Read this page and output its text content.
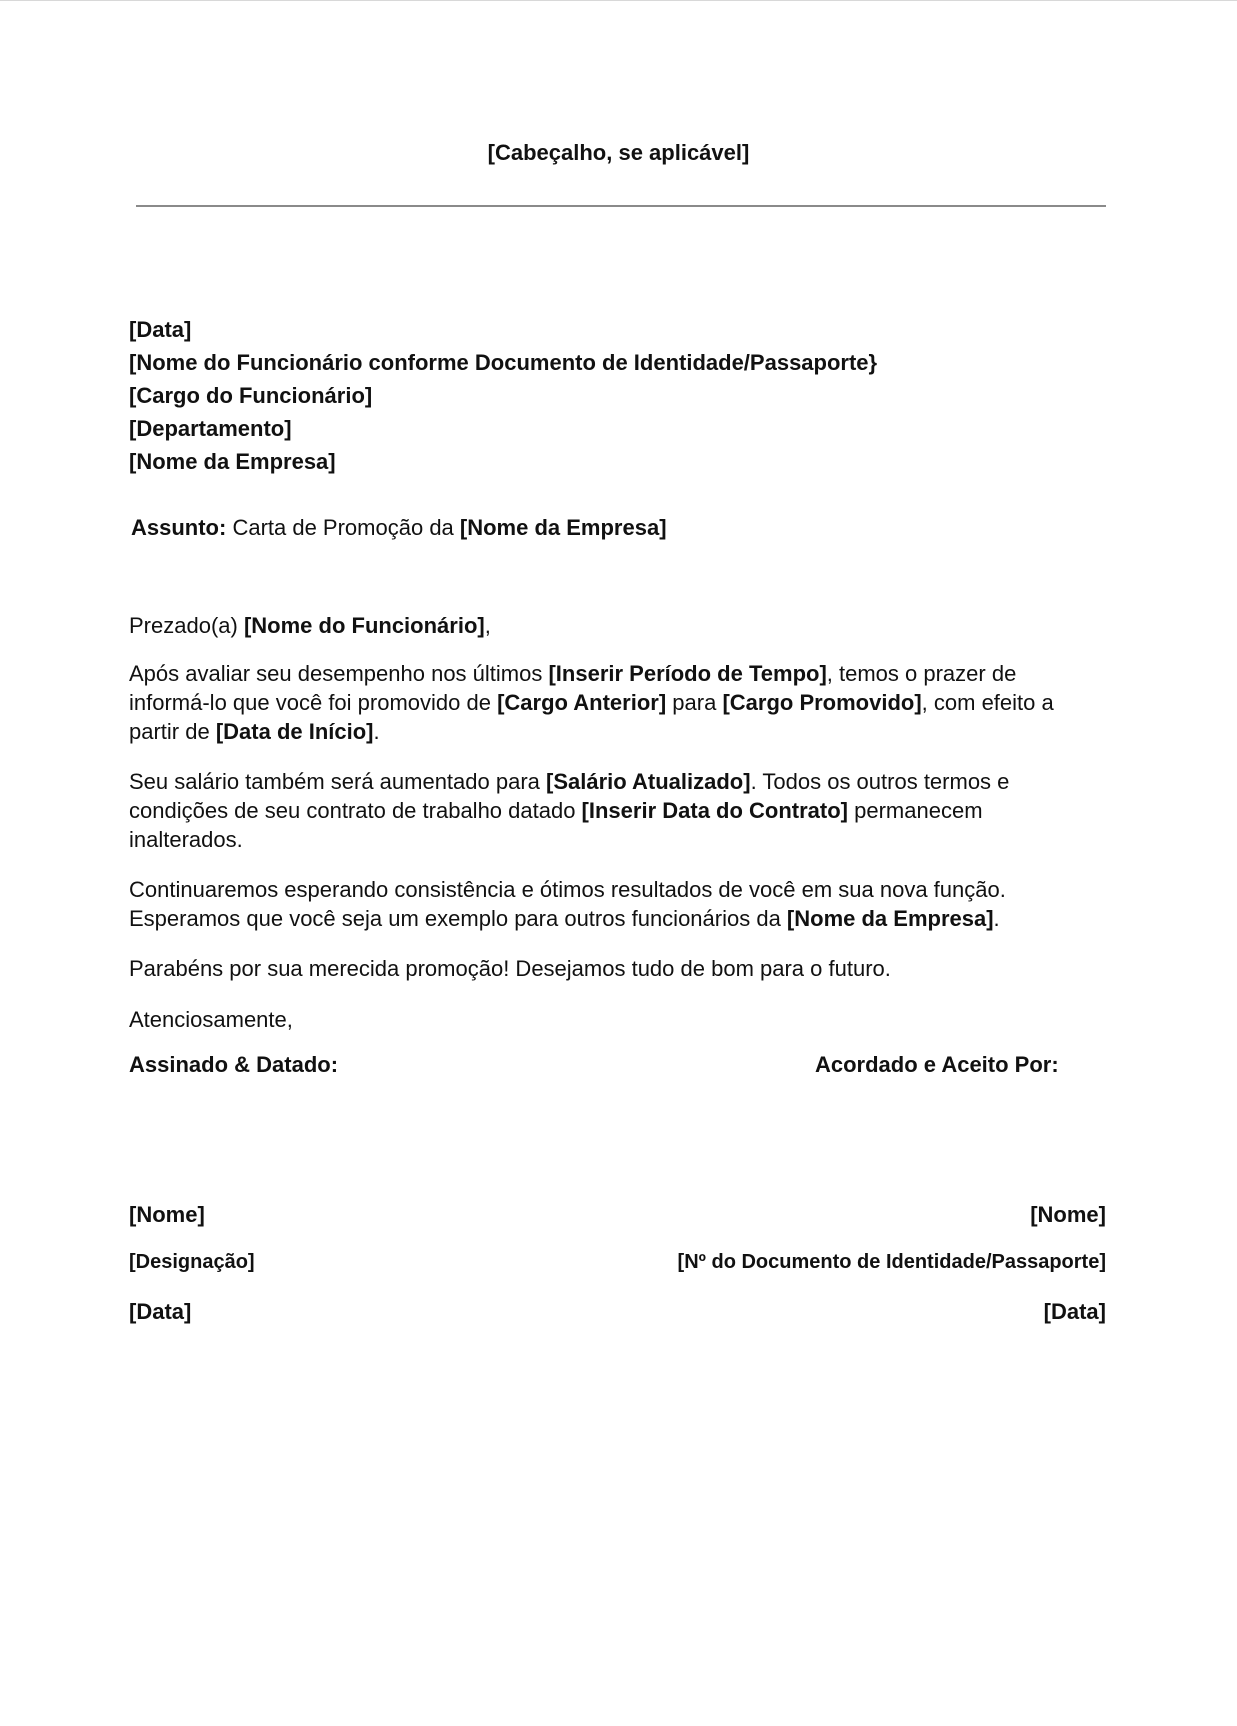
[Cabeçalho, se aplicável]
[Data]
[Nome do Funcionário conforme Documento de Identidade/Passaporte}
[Cargo do Funcionário]
[Departamento]
[Nome da Empresa]
Assunto: Carta de Promoção da [Nome da Empresa]
Prezado(a) [Nome do Funcionário],
Após avaliar seu desempenho nos últimos [Inserir Período de Tempo], temos o prazer de informá-lo que você foi promovido de [Cargo Anterior] para [Cargo Promovido], com efeito a partir de [Data de Início].
Seu salário também será aumentado para [Salário Atualizado]. Todos os outros termos e condições de seu contrato de trabalho datado [Inserir Data do Contrato] permanecem inalterados.
Continuaremos esperando consistência e ótimos resultados de você em sua nova função. Esperamos que você seja um exemplo para outros funcionários da [Nome da Empresa].
Parabéns por sua merecida promoção! Desejamos tudo de bom para o futuro.
Atenciosamente,
Assinado & Datado:	Acordado e Aceito Por:
[Nome]	[Nome]
[Designação]	[Nº do Documento de Identidade/Passaporte]
[Data]	[Data]
